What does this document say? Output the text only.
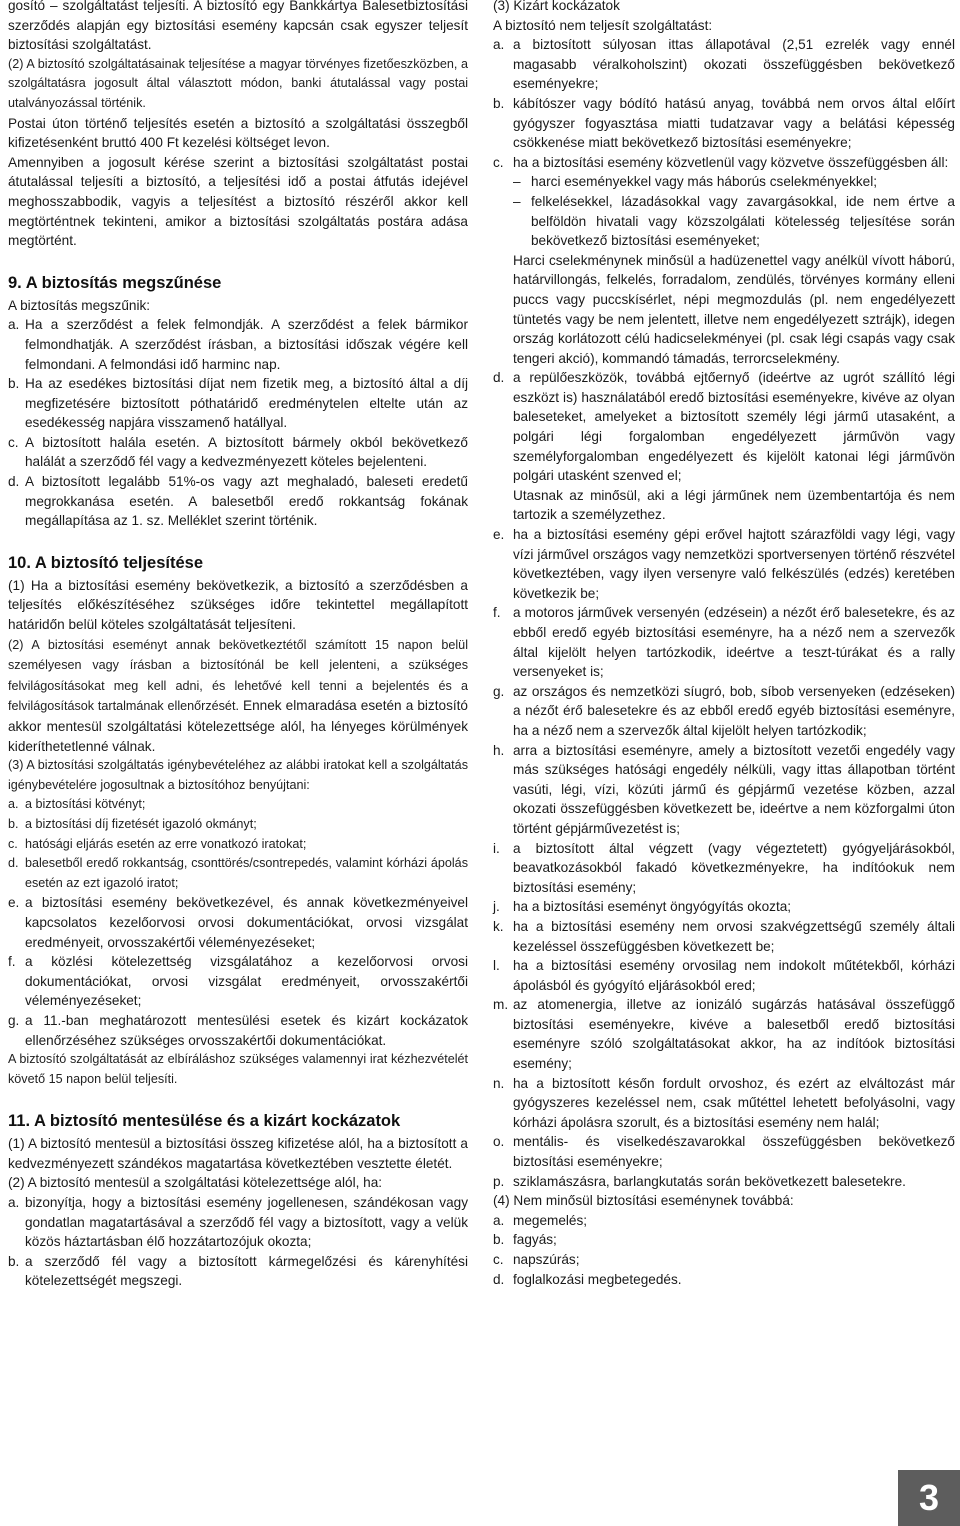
gosító – szolgáltatást teljesíti. A biztosító egy Bankkártya Balesetbiztosítási szerződés alapján egy biztosítási esemény kapcsán csak egyszer teljesít biztosítási szolgáltatást.

(2) A biztosító szolgáltatásainak teljesítése a magyar törvényes fizetőeszközben, a szolgáltatásra jogosult által választott módon, banki átutalással vagy postai utalványozással történik.

Postai úton történő teljesítés esetén a biztosító a szolgáltatási összegből kifizetésenként bruttó 400 Ft kezelési költséget levon.

Amennyiben a jogosult kérése szerint a biztosítási szolgáltatást postai átutalással teljesíti a biztosító, a teljesítési idő a postai átfutás idejével meghosszabbodik, vagyis a teljesítést a biztosító részéről akkor kell megtörténtnek tekinteni, amikor a biztosítási szolgáltatás postára adása megtörtént.

9. A biztosítás megszűnése

A biztosítás megszűnik:

a. Ha a szerződést a felek felmondják. A szerződést a felek bármikor felmondhatják. A szerződést írásban, a biztosítási időszak végére kell felmondani. A felmondási idő harminc nap.
b. Ha az esedékes biztosítási díjat nem fizetik meg, a biztosító által a díj megfizetésére biztosított póthatáridő eredménytelen eltelte után az esedékesség napjára visszamenő hatállyal.
c. A biztosított halála esetén. A biztosított bármely okból bekövetkező halálát a szerződő fél vagy a kedvezményezett köteles bejelenteni.
d. A biztosított legalább 51%-os vagy azt meghaladó, baleseti eredetű megrokkanása esetén. A balesetből eredő rokkantság fokának megállapítása az 1. sz. Melléklet szerint történik.
10. A biztosító teljesítése

(1) Ha a biztosítási esemény bekövetkezik, a biztosító a szerződésben a teljesítés előkészítéséhez szükséges időre tekintettel megállapított határidőn belül köteles szolgáltatását teljesíteni.

(2) A biztosítási eseményt annak bekövetkeztétől számított 15 napon belül személyesen vagy írásban a biztosítónál be kell jelenteni, a szükséges felvilágosításokat meg kell adni, és lehetővé kell tenni a bejelentés és a felvilágosítások tartalmának ellenőrzését. Ennek elmaradása esetén a biztosító akkor mentesül szolgáltatási kötelezettsége alól, ha lényeges körülmények kideríthetetlenné válnak.

(3) A biztosítási szolgáltatás igénybevételéhez az alábbi iratokat kell a szolgáltatás igénybevételére jogosultnak a biztosítóhoz benyújtani:

a. a biztosítási kötvényt;
b. a biztosítási díj fizetését igazoló okmányt;
c. hatósági eljárás esetén az erre vonatkozó iratokat;
d. balesetből eredő rokkantság, csonttörés/csontrepedés, valamint kórházi ápolás esetén az ezt igazoló iratot;
e. a biztosítási esemény bekövetkezével, és annak következményeivel kapcsolatos kezelőorvosi orvosi dokumentációkat, orvosi vizsgálat eredményeit, orvosszakértői véleményezéseket;
f. a közlési kötelezettség vizsgálatához a kezelőorvosi orvosi dokumentációkat, orvosi vizsgálat eredményeit, orvosszakértői véleményezéseket;
g. a 11.-ban meghatározott mentesülési esetek és kizárt kockázatok ellenőrzéséhez szükséges orvosszakértői dokumentációkat.

A biztosító szolgáltatását az elbíráláshoz szükséges valamennyi irat kézhezvételét követő 15 napon belül teljesíti.

11. A biztosító mentesülése és a kizárt kockázatok

(1) A biztosító mentesül a biztosítási összeg kifizetése alól, ha a biztosított a kedvezményezett szándékos magatartása következtében vesztette életét.

(2) A biztosító mentesül a szolgáltatási kötelezettsége alól, ha:

a. bizonyítja, hogy a biztosítási esemény jogellenesen, szándékosan vagy gondatlan magatartásával a szerződő fél vagy a biztosított, vagy a velük közös háztartásban élő hozzátartozójuk okozta;
b. a szerződő fél vagy a biztosított kármegelőzési és kárenyhítési kötelezettségét megszegi.

(3) Kizárt kockázatok

A biztosító nem teljesít szolgáltatást:

a. a biztosított súlyosan ittas állapotával (2,51 ezrelék vagy ennél magasabb véralkoholszint) okozati összefüggésben bekövetkező eseményekre;
b. kábítószer vagy bódító hatású anyag, továbbá nem orvos által előírt gyógyszer fogyasztása miatti tudatzavar vagy a belátási képesség csökkenése miatt bekövetkező biztosítási eseményekre;
c. ha a biztosítási esemény közvetlenül vagy közvetve összefüggésben áll:
– harci eseményekkel vagy más háborús cselekményekkel;
– felkelésekkel, lázadásokkal vagy zavargásokkal, ide nem értve a belföldön hivatali vagy közszolgálati kötelesség teljesítése során bekövetkező biztosítási eseményeket;

Harci cselekménynek minősül a hadüzenettel vagy anélkül vívott háború, határvillongás, felkelés, forradalom, zendülés, törvényes kormány elleni puccs vagy puccskísérlet, népi megmozdulás (pl. nem engedélyezett tüntetés vagy be nem jelentett, illetve nem engedélyezett sztrájk), idegen ország korlátozott célú hadicselekményei (pl. csak légi csapás vagy csak tengeri akció), kommandó támadás, terrorcselekmény.

d. a repülőeszközök, továbbá ejtőernyő (ideértve az ugrót szállító légi eszközt is) használatából eredő biztosítási eseményekre, kivéve az olyan baleseteket, amelyeket a biztosított személy légi jármű utasaként, a polgári légi forgalomban engedélyezett járművön vagy személyforgalomban engedélyezett és kijelölt katonai légi járművön polgári utasként szenved el;

Utasnak az minősül, aki a légi járműnek nem üzembentartója és nem tartozik a személyzethez.

e. ha a biztosítási esemény gépi erővel hajtott szárazföldi vagy légi, vagy vízi járművel országos vagy nemzetközi sportversenyen történő részvétel következtében, vagy ilyen versenyre való felkészülés (edzés) keretében következik be;
f. a motoros járművek versenyén (edzésein) a nézőt érő balesetekre, és az ebből eredő egyéb biztosítási eseményre, ha a néző nem a szervezők által kijelölt helyen tartózkodik, ideértve a teszt-túrákat és a rally versenyeket is;
g. az országos és nemzetközi síugró, bob, síbob versenyeken (edzéseken) a nézőt érő balesetekre és az ebből eredő egyéb biztosítási eseményre, ha a néző nem a szervezők által kijelölt helyen tartózkodik;
h. arra a biztosítási eseményre, amely a biztosított vezetői engedély vagy más szükséges hatósági engedély nélküli, vagy ittas állapotban történt vasúti, légi, vízi, közúti jármű és gépjármű vezetése közben, azzal okozati összefüggésben következett be, ideértve a nem közforgalmi úton történt gépjárművezetést is;
i. a biztosított által végzett (vagy végeztetett) gyógyeljárásokból, beavatkozásokból fakadó következményekre, ha indítóokuk nem biztosítási esemény;
j. ha a biztosítási eseményt öngyógyítás okozta;
k. ha a biztosítási esemény nem orvosi szakvégzettségű személy általi kezeléssel összefüggésben következett be;
l. ha a biztosítási esemény orvosilag nem indokolt műtétekből, kórházi ápolásból és gyógyító eljárásokból ered;
m. az atomenergia, illetve az ionizáló sugárzás hatásával összefüggő biztosítási eseményekre, kivéve a balesetből eredő biztosítási eseményre szóló szolgáltatásokat akkor, ha az indítóok biztosítási esemény;
n. ha a biztosított későn fordult orvoshoz, és ezért az elváltozást már gyógyszeres kezeléssel nem, csak műtéttel lehetett befolyásolni, vagy kórházi ápolásra szorult, és a biztosítási esemény nem halál;
o. mentális- és viselkedészavarokkal összefüggésben bekövetkező biztosítási eseményekre;
p. sziklamászásra, barlangkutatás során bekövetkezett balesetekre.

(4) Nem minősül biztosítási eseménynek továbbá:

a. megemelés;
b. fagyás;
c. napszúrás;
d. foglalkozási megbetegedés.
3
